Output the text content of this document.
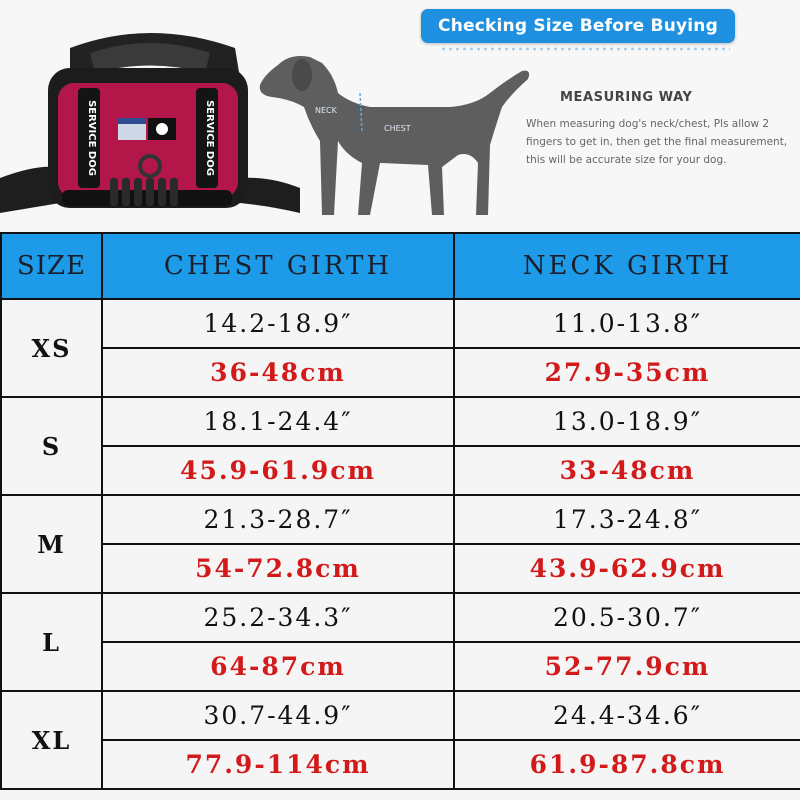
SERVICE DOG	SERVICE DOG	NECK
CHEST
Checking Size Before Buying
MEASURING WAY
When measuring dog's neck/chest, Pls allow 2 fingers to get in, then get the final measurement, this will be accurate size for your dog.
SIZE	CHEST GIRTH	NECK GIRTH
XS	14.2-18.9″	11.0-13.8″
	36-48cm	27.9-35cm
S	18.1-24.4″	13.0-18.9″
	45.9-61.9cm	33-48cm
M	21.3-28.7″	17.3-24.8″
	54-72.8cm	43.9-62.9cm
L	25.2-34.3″	20.5-30.7″
	64-87cm	52-77.9cm
XL	30.7-44.9″	24.4-34.6″
	77.9-114cm	61.9-87.8cm
